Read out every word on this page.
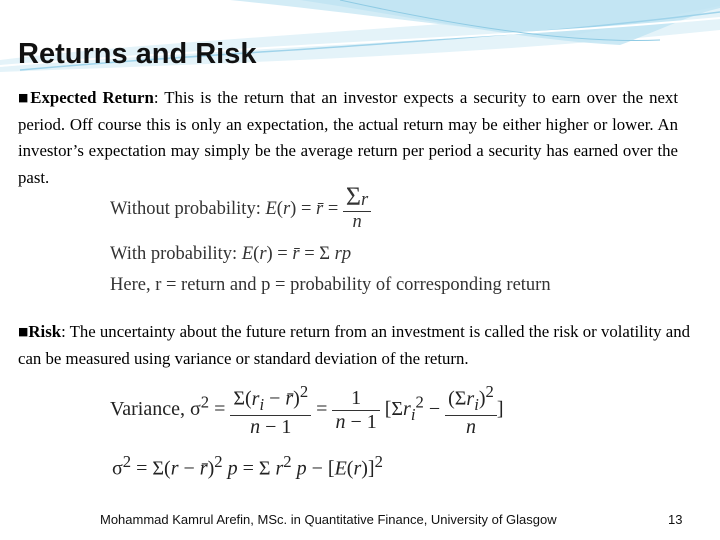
Returns and Risk

■Expected Return: This is the return that an investor expects a security to earn over the next period. Off course this is only an expectation, the actual return may be either higher or lower. An investor’s expectation may simply be the average return per period a security has earned over the past.

Without probability: E(r) = r̄ = $\frac{\Sigma r}{n}$
With probability: E(r) = r̄ = Σ rp
Here, r = return and p = probability of corresponding return

■Risk: The uncertainty about the future return from an investment is called the risk or volatility and can be measured using variance or standard deviation of the return.

Variance, $\sigma^2 = \frac{\Sigma(r_i - r̄)^2}{n - 1} = \frac{1}{n - 1} [\Sigma r_i^2 - \frac{(\Sigma r_i)^2}{n}$ ]
$\sigma^2 = \Sigma(r$ − r̄)$^2$ p = Σ $r^2$ $p - [E(r)]^2$
Mohammad Kamrul Arefin, MSc. in Quantitative Finance, University of Glasgow	13
